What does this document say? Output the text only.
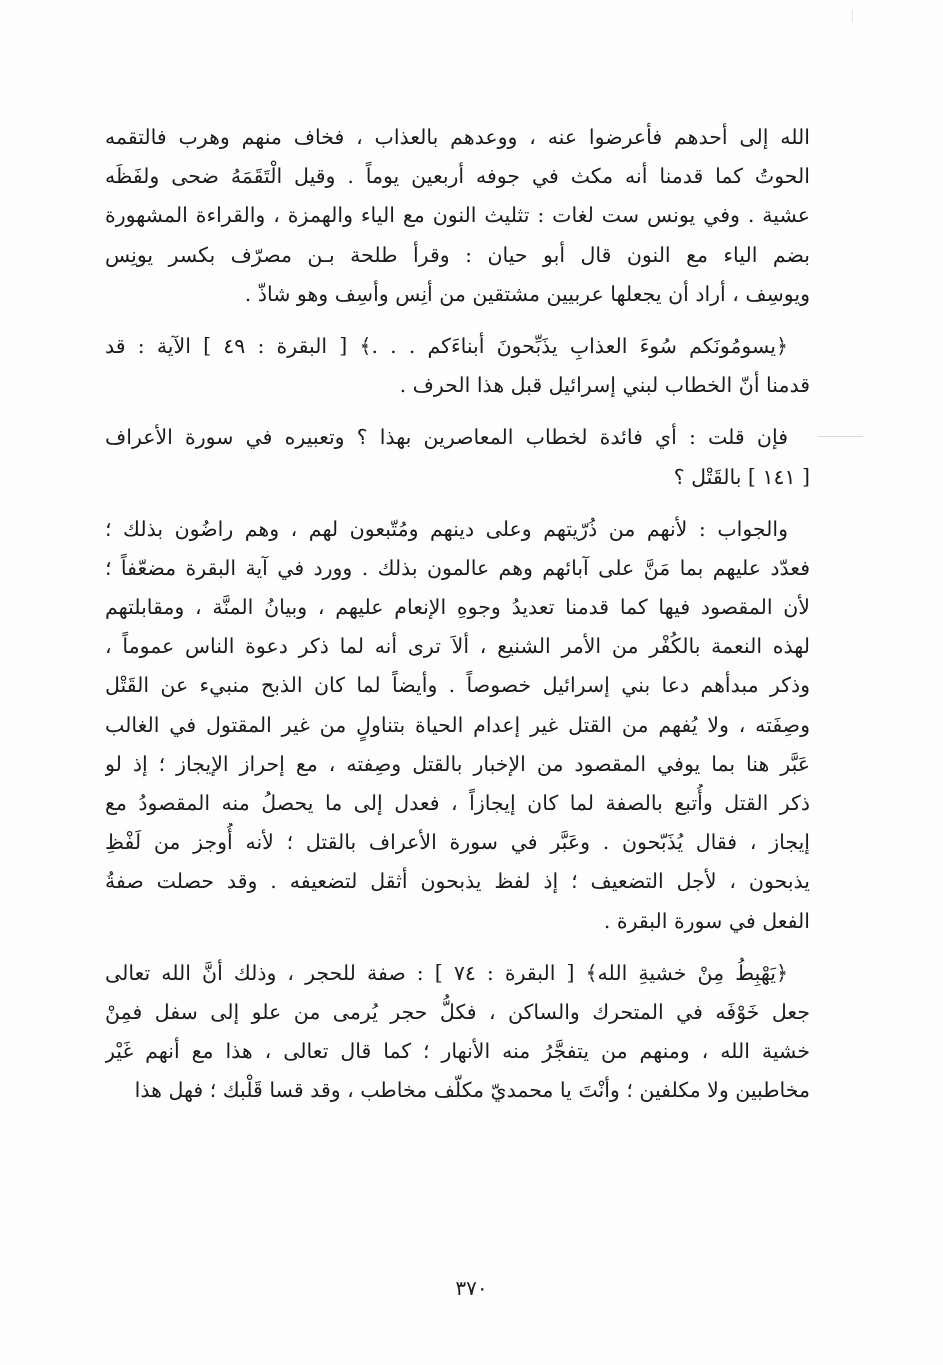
الله إلى أحدهم فأعرضوا عنه ، ووعدهم بالعذاب ، فخاف منهم وهرب فالتقمه
الحوتُ كما قدمنا أنه مكث في جوفه أربعين يوماً . وقيل الْتَقَمَهُ ضحى ولفَظَه
عشية . وفي يونس ست لغات : تثليث النون مع الياء والهمزة ، والقراءة المشهورة
بضم الياء مع النون قال أبو حيان : وقرأ طلحة بـن مصرّف بكسر يونِس
ويوسِف ، أراد أن يجعلها عربيين مشتقين من أنِس وأسِف وهو شاذّ .
﴿يسومُونَكم سُوءَ العذابِ يذَبِّحونَ أبناءَكم . . .﴾ [ البقرة : ٤٩ ] الآية : قد
قدمنا أنّ الخطاب لبني إسرائيل قبل هذا الحرف .
فإن قلت : أي فائدة لخطاب المعاصرين بهذا ؟ وتعبيره في سورة الأعراف
[ ١٤١ ] بالقَتْل ؟
والجواب : لأنهم من ذُرّيتهم وعلى دينهم ومُتّبعون لهم ، وهم راضُون بذلك ؛
فعدّد عليهم بما مَنَّ على آبائهم وهم عالمون بذلك . وورد في آية البقرة مضعّفاً ؛
لأن المقصود فيها كما قدمنا تعديدُ وجوهِ الإنعام عليهم ، وبيانُ المنَّة ، ومقابلتهم
لهذه النعمة بالكُفْر من الأمر الشنيع ، ألاَ ترى أنه لما ذكر دعوة الناس عموماً ،
وذكر مبدأهم دعا بني إسرائيل خصوصاً . وأيضاً لما كان الذبح منبيء عن القَتْل
وصِفَته ، ولا يُفهم من القتل غير إعدام الحياة بتناولٍ من غير المقتول في الغالب
عَبَّر هنا بما يوفي المقصود من الإخبار بالقتل وصِفته ، مع إحراز الإيجاز ؛ إذ لو
ذكر القتل وأُتبع بالصفة لما كان إيجازاً ، فعدل إلى ما يحصلُ منه المقصودُ مع
إيجاز ، فقال يُذَبّحون . وعَبَّر في سورة الأعراف بالقتل ؛ لأنه أُوجز من لَفْظِ
يذبحون ، لأجل التضعيف ؛ إذ لفظ يذبحون أثقل لتضعيفه . وقد حصلت صفةُ
الفعل في سورة البقرة .
﴿يَهْبِطُ مِنْ خشيةِ الله﴾ [ البقرة : ٧٤ ] : صفة للحجر ، وذلك أنَّ الله تعالى
جعل خَوْفَه في المتحرك والساكن ، فكلُّ حجر يُرمى من علو إلى سفل فمِنْ
خشية الله ، ومنهم من يتفجَّرُ منه الأنهار ؛ كما قال تعالى ، هذا مع أنهم غَيْر
مخاطبين ولا مكلفين ؛ وأنْتَ يا محمديّ مكلّف مخاطب ، وقد قسا قَلْبك ؛ فهل هذا
٣٧٠
